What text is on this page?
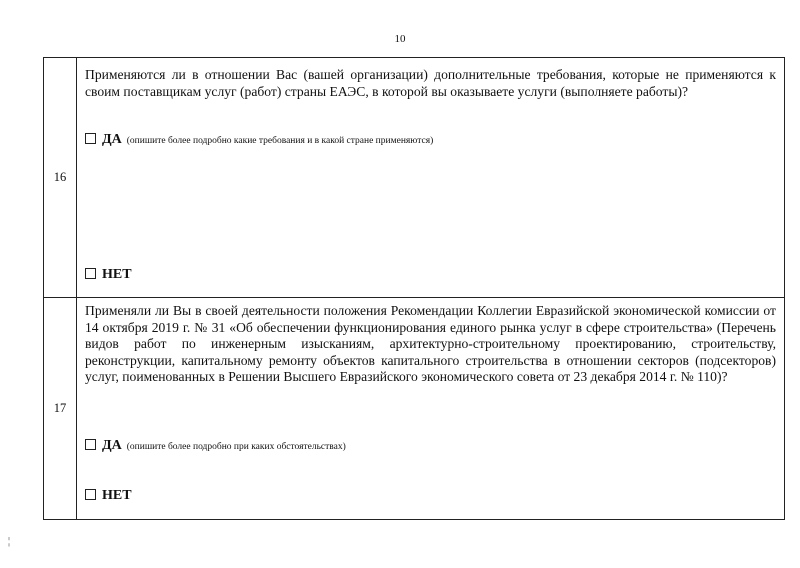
10
16	Применяются ли в отношении Вас (вашей организации) дополнительные требования, которые не применяются к своим поставщикам услуг (работ) страны ЕАЭС, в которой вы оказываете услуги (выполняете работы)?

ДА (опишите более подробно какие требования и в какой стране применяются)
НЕТ

17	Применяли ли Вы в своей деятельности положения Рекомендации Коллегии Евразийской экономической комиссии от 14 октября 2019 г. № 31 «Об обеспечении функционирования единого рынка услуг в сфере строительства» (Перечень видов работ по инженерным изысканиям, архитектурно-строительному проектированию, строительству, реконструкции, капитальному ремонту объектов капитального строительства в отношении секторов (подсекторов) услуг, поименованных в Решении Высшего Евразийского экономического совета от 23 декабря 2014 г. № 110)?

ДА (опишите более подробно при каких обстоятельствах)
НЕТ
¦
